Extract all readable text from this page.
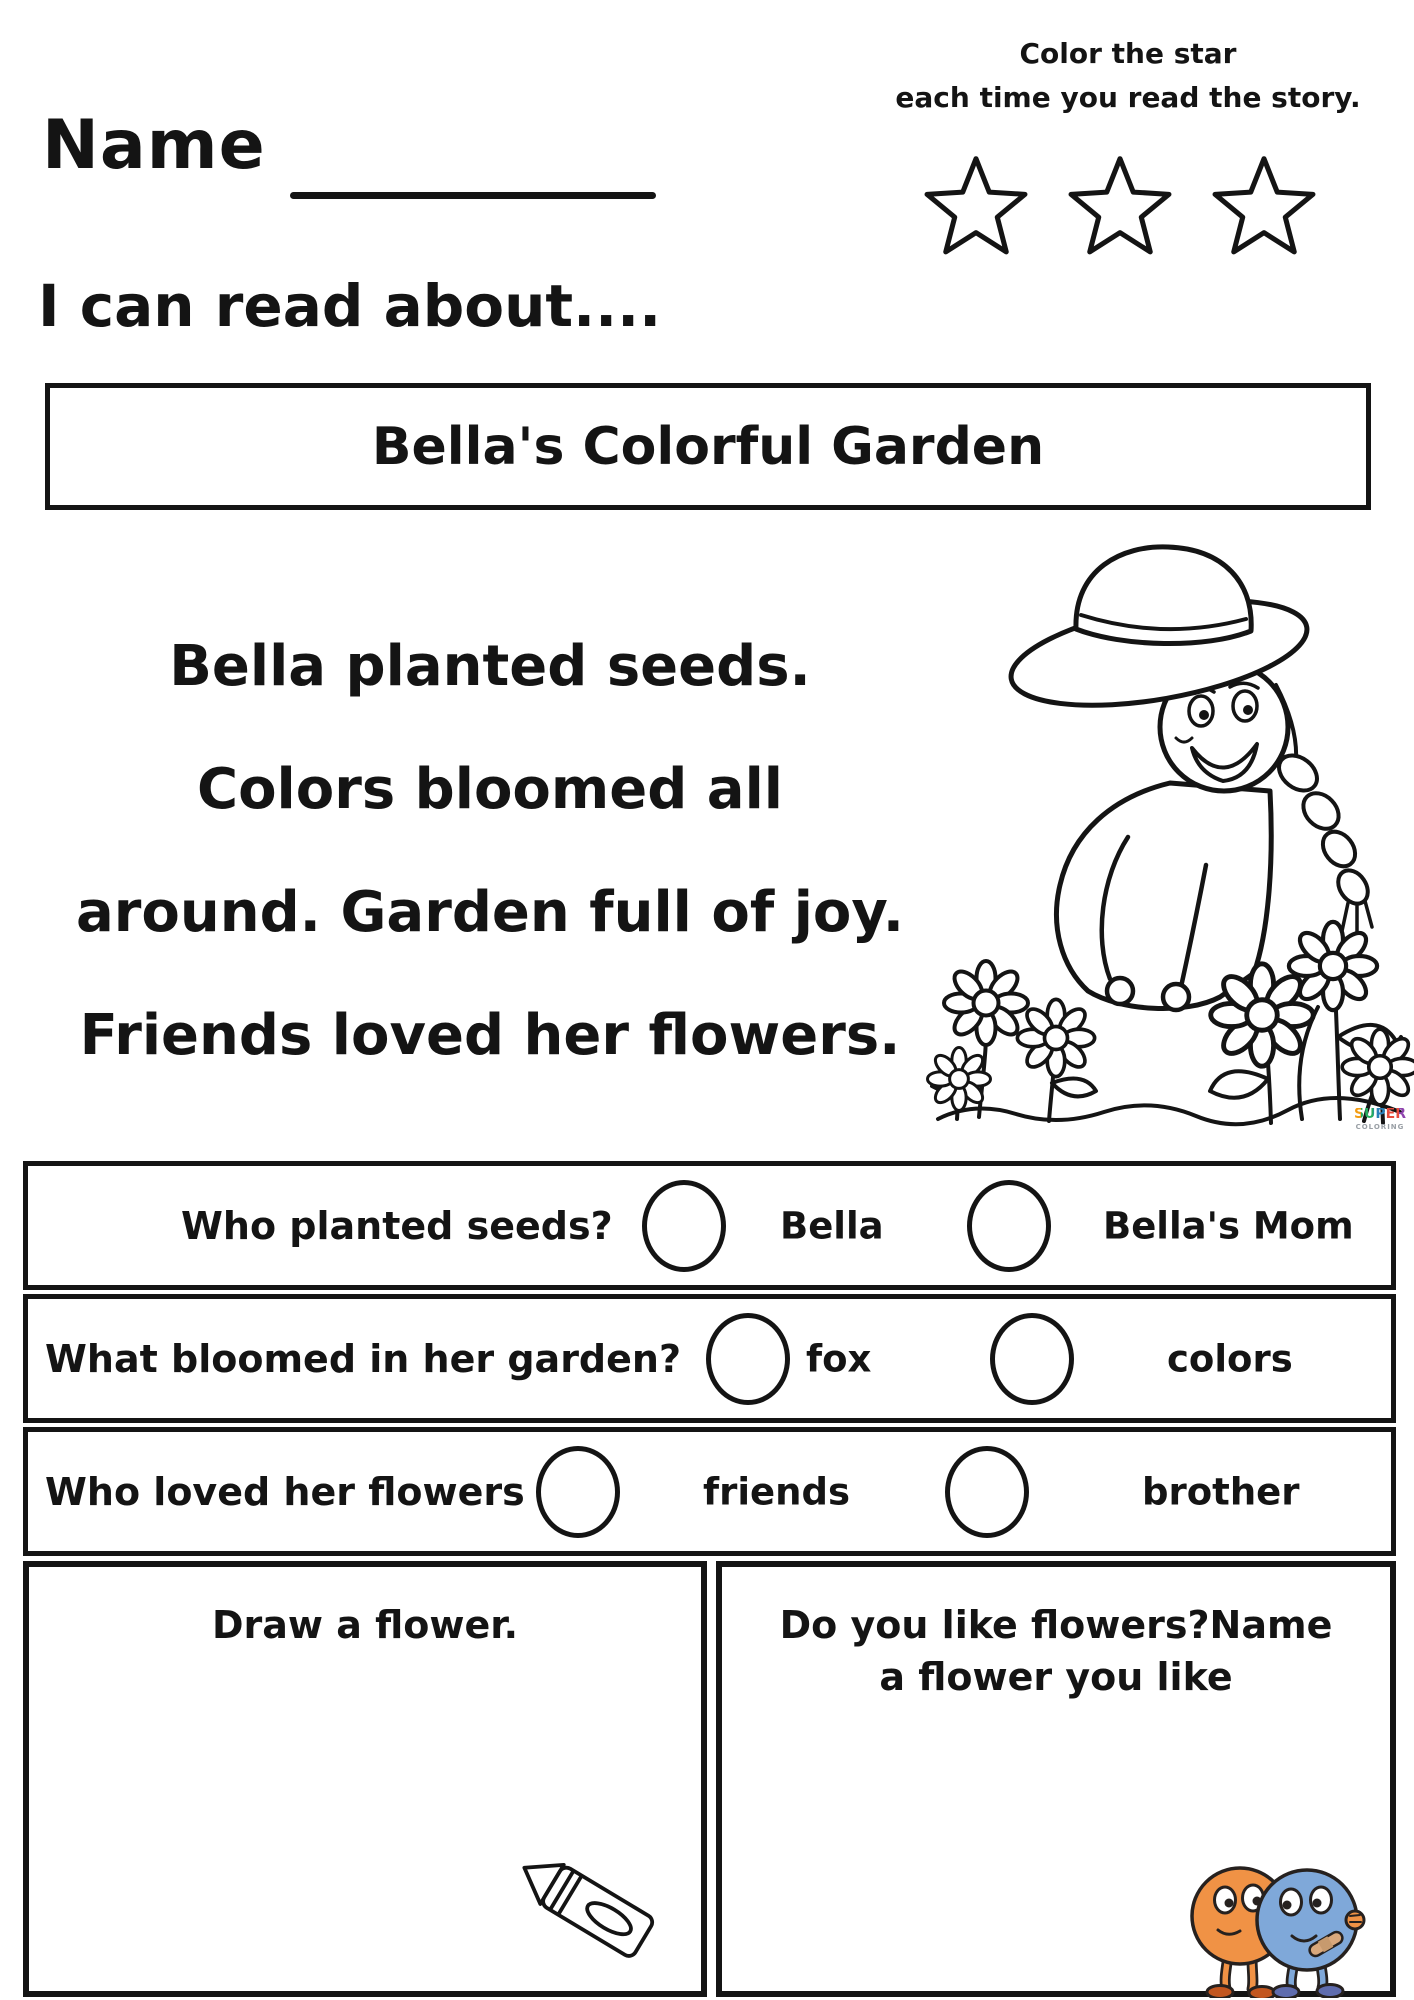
Name
Color the star
each time you read the story.
I can read about....
Bella's Colorful Garden
Bella planted seeds.
Colors bloomed all
around. Garden full of joy.
Friends loved her flowers.
SUPER
COLORING
Who planted seeds?	Bella	Bella's Mom
What bloomed in her garden?	fox	colors
Who loved her flowers	friends	brother
Draw a flower.	Do you like flowers?Name
a flower you like
